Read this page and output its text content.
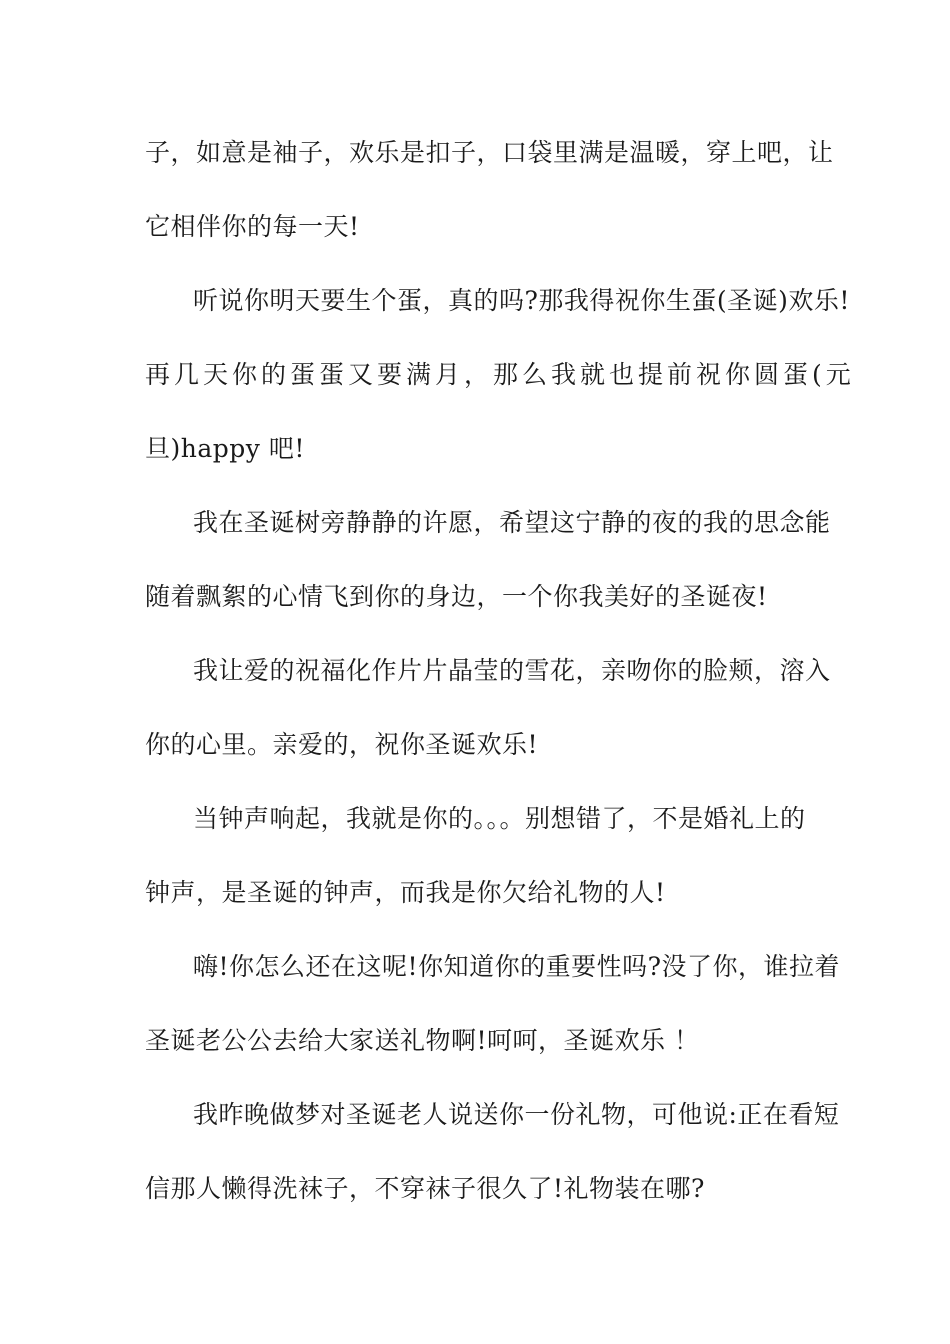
子，如意是袖子，欢乐是扣子，口袋里满是温暖，穿上吧，让
它相伴你的每一天!
听说你明天要生个蛋，真的吗?那我得祝你生蛋(圣诞)欢乐!
再几天你的蛋蛋又要满月，那么我就也提前祝你圆蛋(元
旦)happy 吧!
我在圣诞树旁静静的许愿，希望这宁静的夜的我的思念能
随着飘絮的心情飞到你的身边，一个你我美好的圣诞夜!
我让爱的祝福化作片片晶莹的雪花，亲吻你的脸颊，溶入
你的心里。亲爱的，祝你圣诞欢乐!
当钟声响起，我就是你的。。。别想错了，不是婚礼上的
钟声，是圣诞的钟声，而我是你欠给礼物的人!
嗨!你怎么还在这呢!你知道你的重要性吗?没了你，谁拉着
圣诞老公公去给大家送礼物啊!呵呵，圣诞欢乐 ！
我昨晚做梦对圣诞老人说送你一份礼物，可他说:正在看短
信那人懒得洗袜子，不穿袜子很久了!礼物装在哪?
